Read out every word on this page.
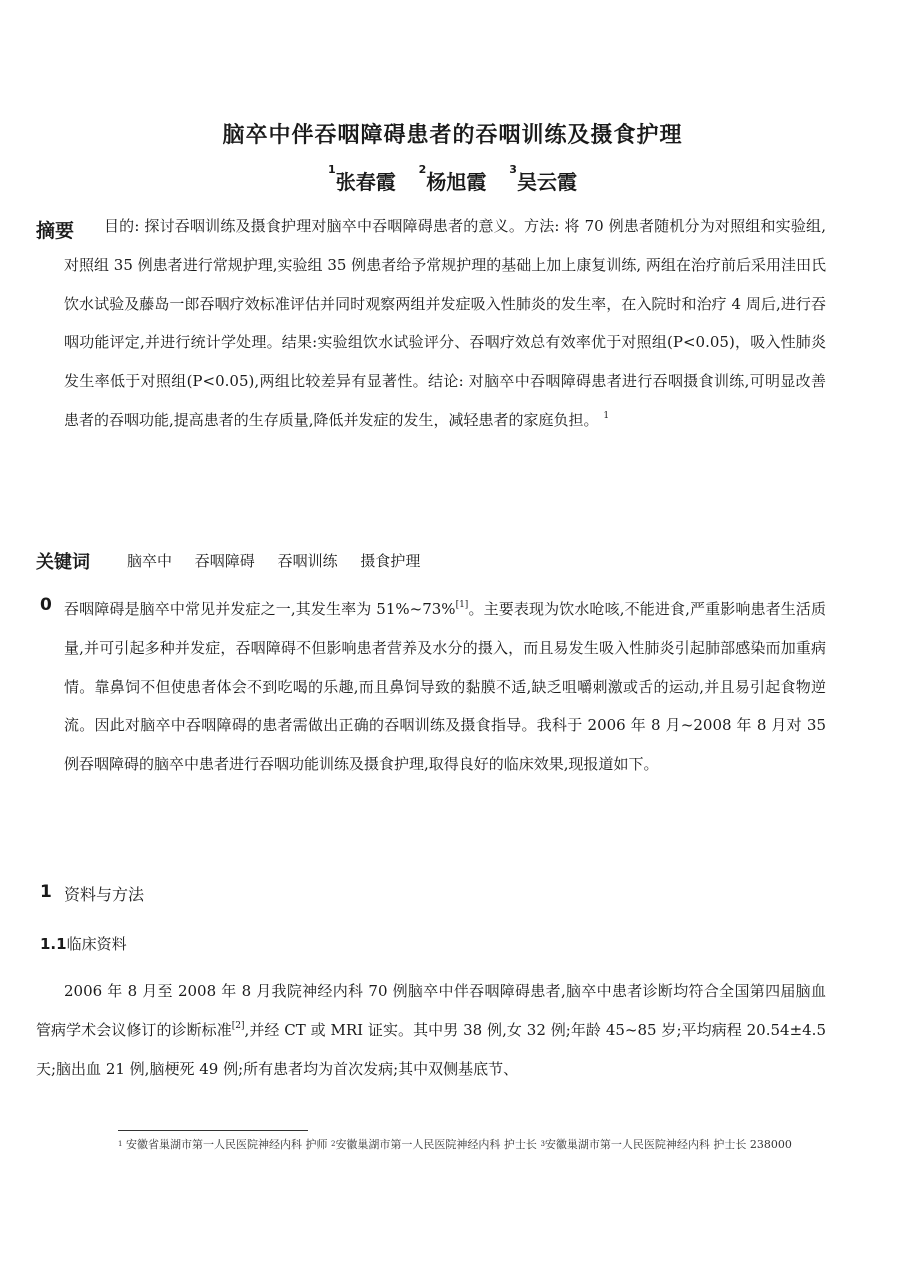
脑卒中伴吞咽障碍患者的吞咽训练及摄食护理
$^1$张春霞 $^2$杨旭霞 $^3$吴云霞
摘要	目的: 探讨吞咽训练及摄食护理对脑卒中吞咽障碍患者的意义。方法: 将 70 例患者随机分为对照组和实验组,对照组 35 例患者进行常规护理,实验组 35 例患者给予常规护理的基础上加上康复训练, 两组在治疗前后采用洼田氏饮水试验及藤岛一郎吞咽疗效标准评估并同时观察两组并发症吸入性肺炎的发生率，在入院时和治疗 4 周后,进行吞咽功能评定,并进行统计学处理。结果:实验组饮水试验评分、吞咽疗效总有效率优于对照组(P<0.05)，吸入性肺炎发生率低于对照组(P<0.05),两组比较差异有显著性。结论: 对脑卒中吞咽障碍患者进行吞咽摄食训练,可明显改善患者的吞咽功能,提高患者的生存质量,降低并发症的发生，减轻患者的家庭负担。 $^1$
关键词 脑卒中 吞咽障碍 吞咽训练 摄食护理
0 吞咽障碍是脑卒中常见并发症之一,其发生率为 51%~73%[1]。主要表现为饮水呛咳,不能进食,严重影响患者生活质量,并可引起多种并发症，吞咽障碍不但影响患者营养及水分的摄入，而且易发生吸入性肺炎引起肺部感染而加重病情。靠鼻饲不但使患者体会不到吃喝的乐趣,而且鼻饲导致的黏膜不适,缺乏咀嚼刺激或舌的运动,并且易引起食物逆流。因此对脑卒中吞咽障碍的患者需做出正确的吞咽训练及摄食指导。我科于 2006 年 8 月~2008 年 8 月对 35 例吞咽障碍的脑卒中患者进行吞咽功能训练及摄食护理,取得良好的临床效果,现报道如下。
1 资料与方法
1.1临床资料
2006 年 8 月至 2008 年 8 月我院神经内科 70 例脑卒中伴吞咽障碍患者,脑卒中患者诊断均符合全国第四届脑血管病学术会议修订的诊断标准[2],并经 CT 或 MRI 证实。其中男 38 例,女 32 例;年龄 45~85 岁;平均病程 20.54±4.5 天;脑出血 21 例,脑梗死 49 例;所有患者均为首次发病;其中双侧基底节、
$^1$ 安徽省巢湖市第一人民医院神经内科 护师 $^2$安徽巢湖市第一人民医院神经内科 护士长 $^3$安徽巢湖市第一人民医院神经内科 护士长 238000
